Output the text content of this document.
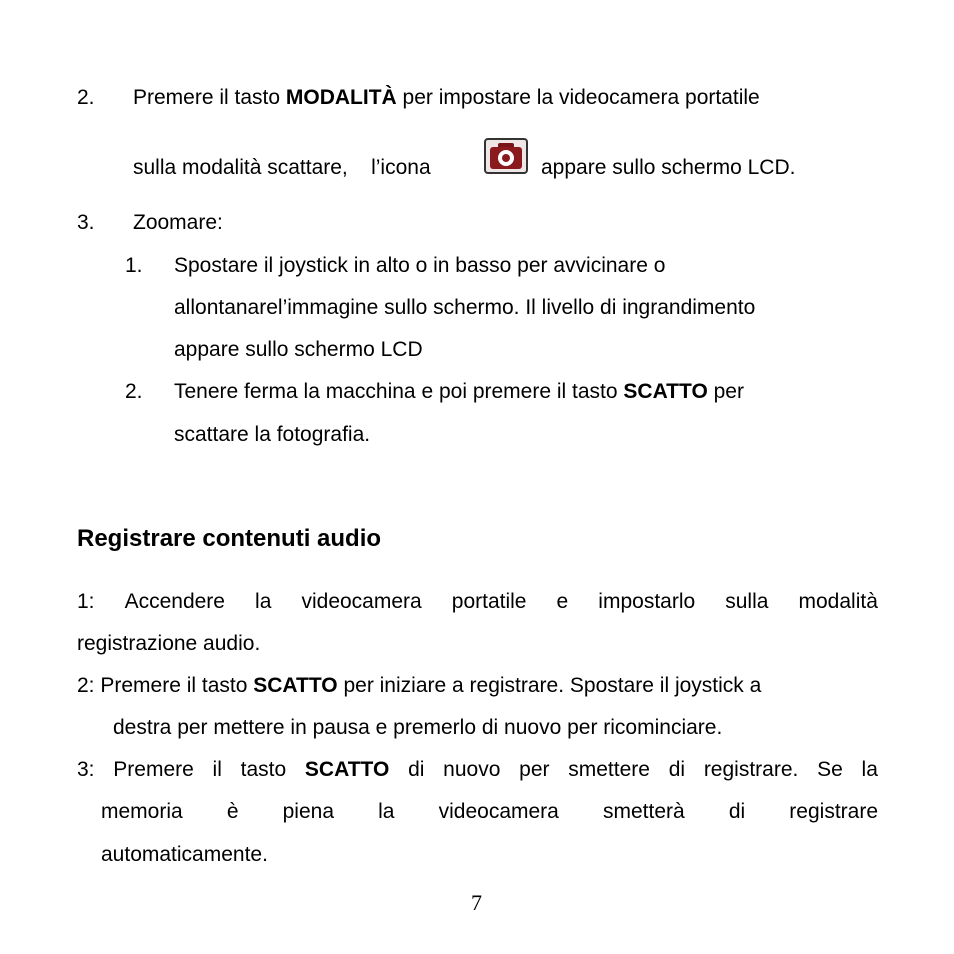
2. Premere il tasto MODALITÀ per impostare la videocamera portatile
sulla modalità scattare,    l’icona	appare sullo schermo LCD.
3. Zoomare:
1. Spostare il joystick in alto o in basso per avvicinare o
allontanarel’immagine sullo schermo. Il livello di ingrandimento
appare sullo schermo LCD
2. Tenere ferma la macchina e poi premere il tasto SCATTO per
scattare la fotografia.
Registrare contenuti audio
1: Accendere la videocamera portatile e impostarlo sulla modalità
registrazione audio.
2: Premere il tasto SCATTO per iniziare a registrare. Spostare il joystick a
destra per mettere in pausa e premerlo di nuovo per ricominciare.
3: Premere il tasto SCATTO di nuovo per smettere di registrare. Se la
memoria è piena la videocamera smetterà di registrare
automaticamente.
7
